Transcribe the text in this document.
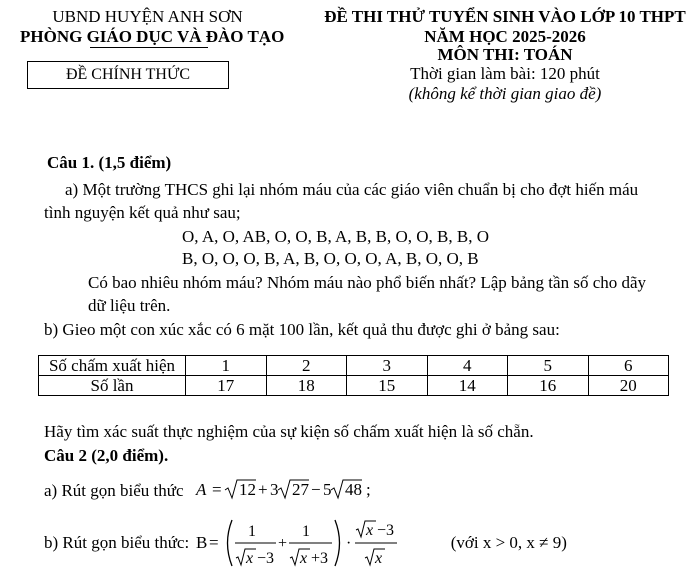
UBND HUYỆN ANH SƠN
PHÒNG GIÁO DỤC VÀ ĐÀO TẠO
ĐỀ CHÍNH THỨC
ĐỀ THI THỬ TUYỂN SINH VÀO LỚP 10 THPT
NĂM HỌC 2025-2026
MÔN THI: TOÁN
Thời gian làm bài: 120 phút
(không kể thời gian giao đề)
Câu 1. (1,5 điểm)
a) Một trường THCS ghi lại nhóm máu của các giáo viên chuẩn bị cho đợt hiến máu
tình nguyện kết quả như sau;
O, A, O, AB, O, O, B, A, B, B, O, O, B, B, O
B, O, O, O, B, A, B, O, O, O, A, B, O, O, B
Có bao nhiêu nhóm máu? Nhóm máu nào phổ biến nhất? Lập bảng tần số cho dãy
dữ liệu trên.
b) Gieo một con xúc xắc có 6 mặt 100 lần, kết quả thu được ghi ở bảng sau:
Số chấm xuất hiện	1	2	3	4	5	6
Số lần	17	18	15	14	16	20
Hãy tìm xác suất thực nghiệm của sự kiện số chấm xuất hiện là số chẵn.
Câu 2 (2,0 điểm).
a) Rút gọn biểu thức A = 12 + 3 27 − 5 48 ;
b) Rút gọn biểu thức: B =
1
x −3
+
1
x +3
·
x −3
x
(với x > 0, x ≠ 9)
